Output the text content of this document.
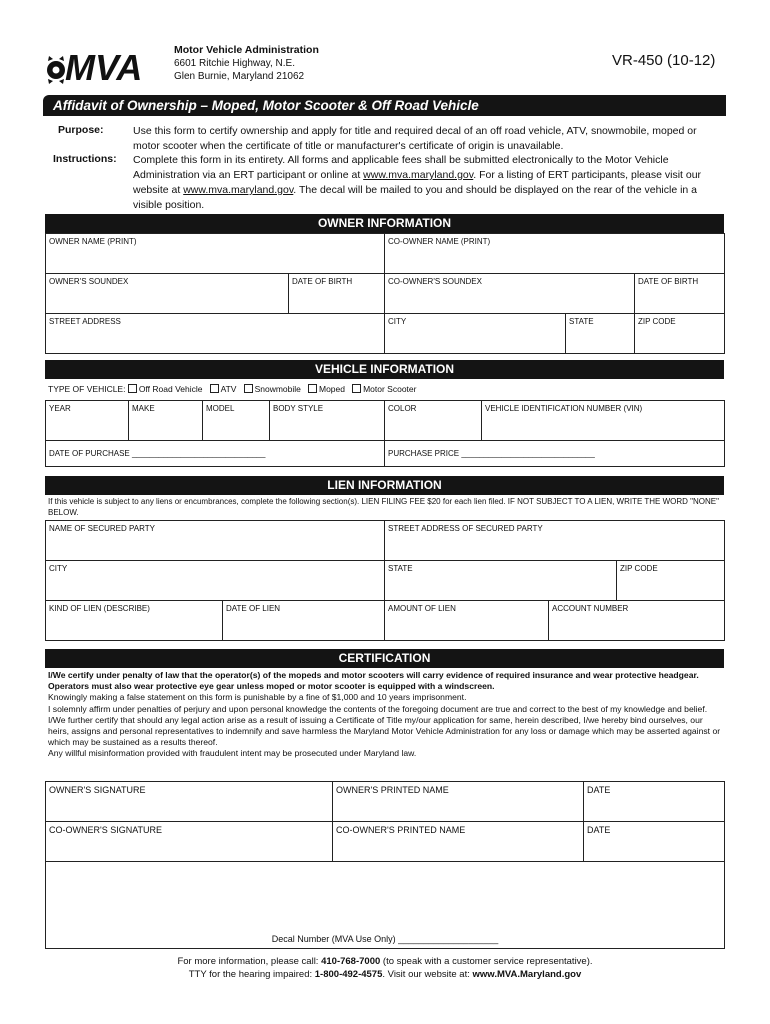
MVA	Motor Vehicle Administration
6601 Ritchie Highway, N.E.
Glen Burnie, Maryland 21062
VR-450 (10-12)
Affidavit of Ownership – Moped, Motor Scooter & Off Road Vehicle
Purpose:	Use this form to certify ownership and apply for title and required decal of an off road vehicle, ATV, snowmobile, moped or motor scooter when the certificate of title or manufacturer's certificate of origin is unavailable.
Instructions: Complete this form in its entirety. All forms and applicable fees shall be submitted electronically to the Motor Vehicle Administration via an ERT participant or online at www.mva.maryland.gov. For a listing of ERT participants, please visit our website at www.mva.maryland.gov. The decal will be mailed to you and should be displayed on the rear of the vehicle in a visible position.
OWNER INFORMATION
OWNER NAME (PRINT)		CO-OWNER NAME (PRINT)		
OWNER'S SOUNDEX	DATE OF BIRTH	CO-OWNER'S SOUNDEX		DATE OF BIRTH
STREET ADDRESS		CITY	STATE	ZIP CODE
VEHICLE INFORMATION
TYPE OF VEHICLE: Off Road Vehicle ATV Snowmobile Moped Motor Scooter
YEAR	MAKE	MODEL	BODY STYLE	COLOR	VEHICLE IDENTIFICATION NUMBER (VIN)
DATE OF PURCHASE ______________________________				PURCHASE PRICE ______________________________	
LIEN INFORMATION
If this vehicle is subject to any liens or encumbrances, complete the following section(s). LIEN FILING FEE $20 for each lien filed. IF NOT SUBJECT TO A LIEN, WRITE THE WORD "NONE" BELOW.
NAME OF SECURED PARTY		STREET ADDRESS OF SECURED PARTY		
CITY		STATE		ZIP CODE
KIND OF LIEN (DESCRIBE)	DATE OF LIEN	AMOUNT OF LIEN	ACCOUNT NUMBER	
CERTIFICATION
I/We certify under penalty of law that the operator(s) of the mopeds and motor scooters will carry evidence of required insurance and wear protective headgear. Operators must also wear protective eye gear unless moped or motor scooter is equipped with a windscreen.
Knowingly making a false statement on this form is punishable by a fine of $1,000 and 10 years imprisonment.
I solemnly affirm under penalties of perjury and upon personal knowledge the contents of the foregoing document are true and correct to the best of my knowledge and belief.
I/We further certify that should any legal action arise as a result of issuing a Certificate of Title my/our application for same, herein described, I/we hereby bind ourselves, our heirs, assigns and personal representatives to indemnify and save harmless the Maryland Motor Vehicle Administration for any loss or damage which may be asserted against or which may be sustained as a results thereof.
Any willful misinformation provided with fraudulent intent may be prosecuted under Maryland law.
OWNER'S SIGNATURE	OWNER'S PRINTED NAME	DATE
CO-OWNER'S SIGNATURE	CO-OWNER'S PRINTED NAME	DATE
Decal Number (MVA Use Only) ____________________		
For more information, please call: 410-768-7000 (to speak with a customer service representative).
TTY for the hearing impaired: 1-800-492-4575. Visit our website at: www.MVA.Maryland.gov
